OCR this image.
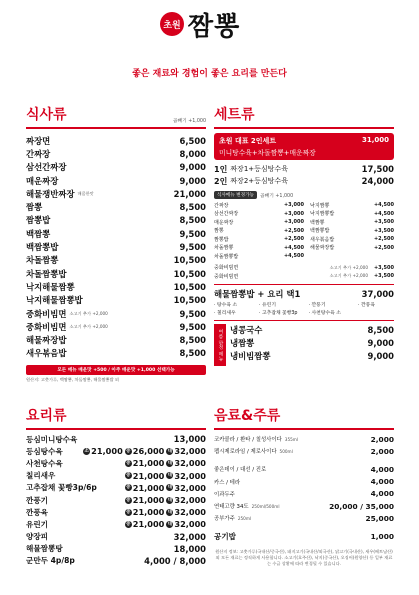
초원 짬뽕
좋은 재료와 경험이 좋은 요리를 만든다
식사류	곱빼기 +1,000
짜장면	6,500
간짜장	8,000
삼선간짜장	9,000
매운짜장	9,000
해물쟁반짜장 매콤한맛	21,000
짬뽕	8,500
짬뽕밥	8,500
백짬뽕	9,500
백짬뽕밥	9,500
차돌짬뽕	10,500
차돌짬뽕밥	10,500
낙지해물짬뽕	10,500
낙지해물짬뽕밥	10,500
중화비빔면 소고기 추가 +2,000	9,500
중화비빔면 소고기 추가 +2,000	9,500
해물짜장밥	8,500
새우볶음밥	8,500
모든 메뉴 매운맛 +500 / 아주 매운맛 +1,000 선택가능
원산지: 고춧가루, 백짬뽕, 차돌짬뽕, 해물짬뽕밥 외
세트류
초원 대표 2인세트	31,000
미니탕수육+차돌짬뽕+매운짜장
1인 짜장1+등심탕수육	17,500
2인 짜장2+등심탕수육	24,000
식사메뉴 변경가능	곱빼기 +1,000
간짜장	+3,000	낙지짬뽕	+4,500
삼선간짜장	+3,000	낙지짬뽕밥	+4,500
매운짜장	+3,000	백짬뽕	+3,500
짬뽕	+2,500	백짬뽕밥	+3,500
짬뽕밥	+2,500	새우볶음밥	+2,500
차돌짬뽕	+4,500	해물짜장밥	+2,500
차돌짬뽕밥	+4,500
중화비빔면	소고기 추가 +2,000 +3,500
중화비빔면	소고기 추가 +2,000 +3,500
해물짬뽕밥 + 요리 택1	37,000
· 탕수육 소	· 유린기	· 깐풍기	· 깐풍육
· 칠리새우	· 고추잡채 꽃빵3p	· 사천탕수육 소
여름 한정 메뉴 냉콩국수	8,500
냉짬뽕	9,000
냉비빔짬뽕	9,000
요리류
등심미니탕수육	13,000
등심탕수육	소 21,000 중 26,000 대 32,000
사천탕수육	중 21,000 대 32,000
칠리새우	중 21,000 대 32,000
고추잡채 꽃빵3p/6p	중 21,000 대 32,000
깐풍기	중 21,000 대 32,000
깐풍육	중 21,000 대 32,000
유린기	중 21,000 대 32,000
양장피	32,000
해물짬뽕탕	18,000
군만두 4p/8p	4,000 / 8,000
음료&주류
코카콜라 / 환타 / 칠성사이다 355ml	2,000
펩시제로라임 / 제로사이다 500ml	2,000
좋은데이 / 대선 / 진로	4,000
카스 / 테라	4,000
이과두주	4,000
연태고량 34도 250ml/500ml	20,000 / 35,000
공부가주 250ml	25,000
공기밥	1,000
원산지 정보: 고춧가루(국내산/중국산), 돼지고기(국내산/외국산), 닭고기(국내산), 새우(베트남산) 외 모든 재료는 정직하게 사용합니다. 소고기(호주산), 낙지(중국산), 오징어(원양산) 등 일부 재료는 수급 상황에 따라 변경될 수 있습니다.
